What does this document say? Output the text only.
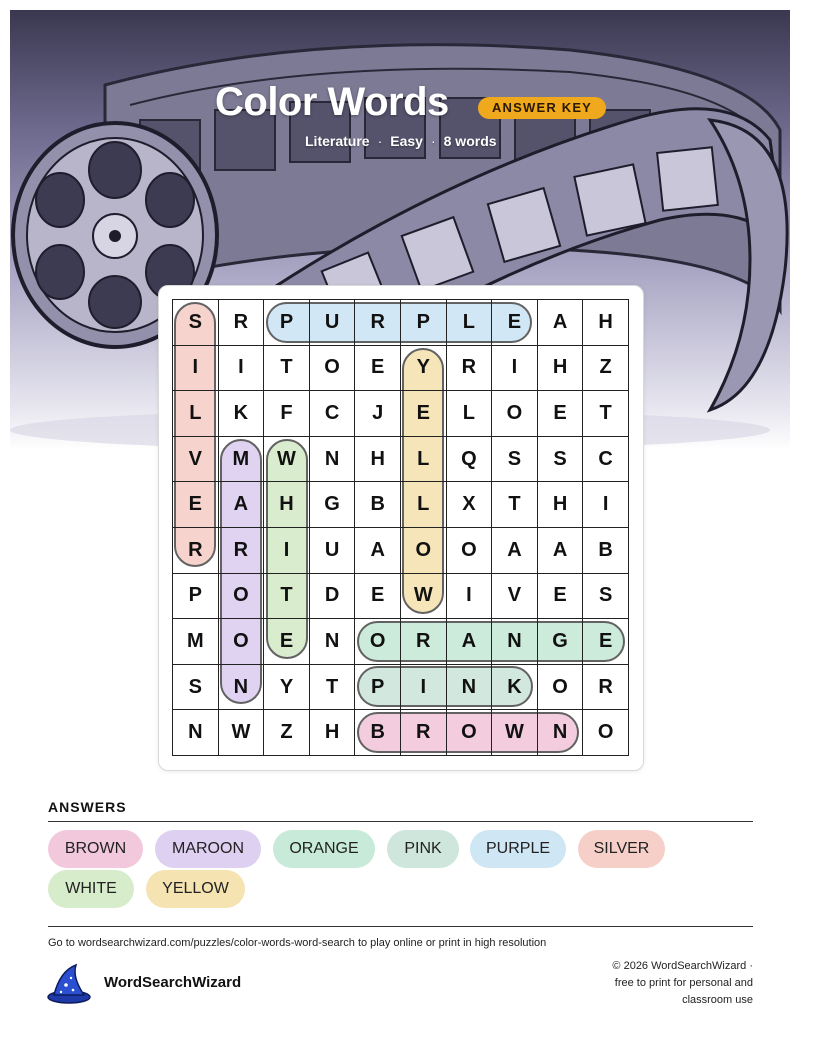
Color Words	ANSWER KEY
Literature · Easy · 8 words
S	R	P	U	R	P	L	E	A	H
I	I	T	O	E	Y	R	I	H	Z
L	K	F	C	J	E	L	O	E	T
V	M	W	N	H	L	Q	S	S	C
E	A	H	G	B	L	X	T	H	I
R	R	I	U	A	O	O	A	A	B
P	O	T	D	E	W	I	V	E	S
M	O	E	N	O	R	A	N	G	E
S	N	Y	T	P	I	N	K	O	R
N	W	Z	H	B	R	O	W	N	O
ANSWERS
BROWN	MAROON	ORANGE	PINK	PURPLE	SILVER
WHITE	YELLOW
Go to wordsearchwizard.com/puzzles/color-words-word-search to play online or print in high resolution
WordSearchWizard
© 2026 WordSearchWizard ·
free to print for personal and
classroom use
